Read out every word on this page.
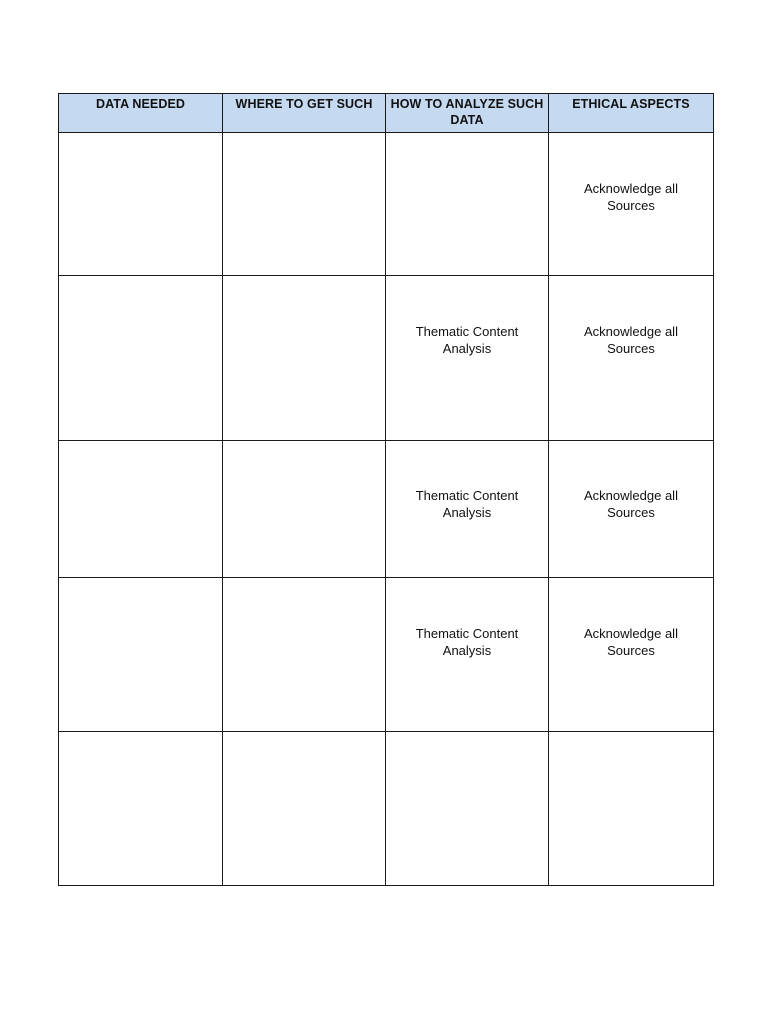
DATA NEEDED	WHERE TO GET SUCH	HOW TO ANALYZE SUCH DATA	ETHICAL ASPECTS

			Acknowledge all Sources

		Thematic Content Analysis	Acknowledge all Sources

		Thematic Content Analysis	Acknowledge all Sources

		Thematic Content Analysis	Acknowledge all Sources
